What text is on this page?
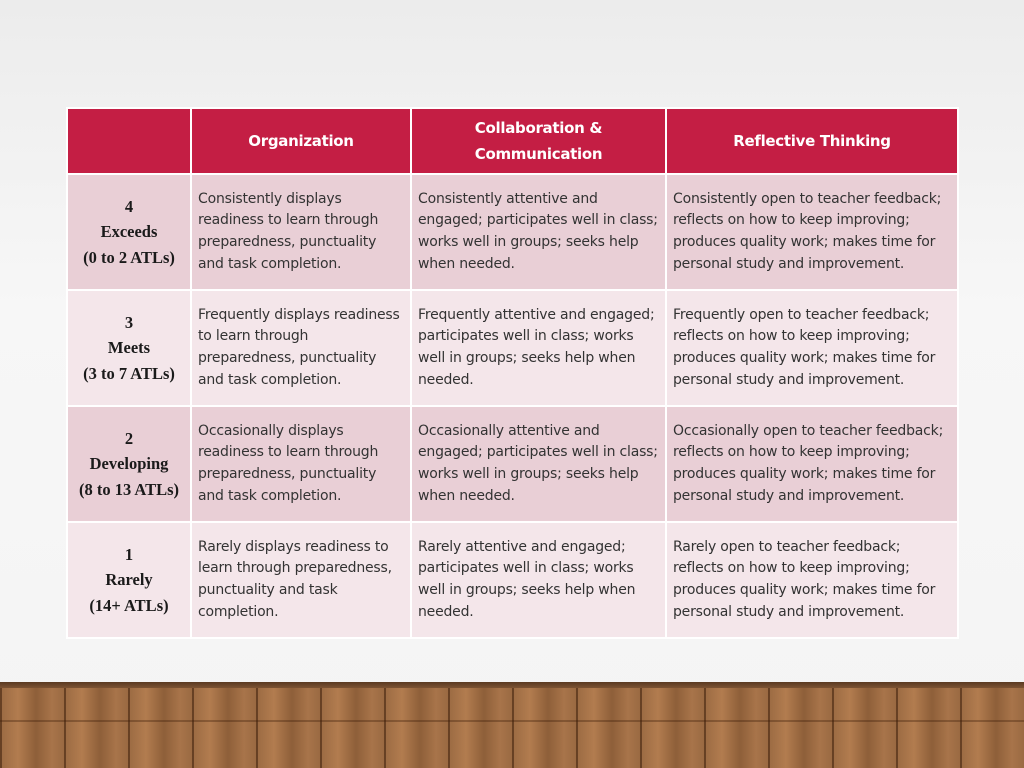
	Organization	Collaboration & Communication	Reflective Thinking

4
Exceeds
(0 to 2 ATLs)	Consistently displays readiness to learn through preparedness, punctuality and task completion.	Consistently attentive and engaged; participates well in class; works well in groups; seeks help when needed.	Consistently open to teacher feedback; reflects on how to keep improving; produces quality work; makes time for personal study and improvement.

3
Meets
(3 to 7 ATLs)	Frequently displays readiness to learn through preparedness, punctuality and task completion.	Frequently attentive and engaged; participates well in class; works well in groups; seeks help when needed.	Frequently open to teacher feedback; reflects on how to keep improving; produces quality work; makes time for personal study and improvement.

2
Developing
(8 to 13 ATLs)	Occasionally displays readiness to learn through preparedness, punctuality and task completion.	Occasionally attentive and engaged; participates well in class; works well in groups; seeks help when needed.	Occasionally open to teacher feedback; reflects on how to keep improving; produces quality work; makes time for personal study and improvement.

1
Rarely
(14+ ATLs)	Rarely displays readiness to learn through preparedness, punctuality and task completion.	Rarely attentive and engaged; participates well in class; works well in groups; seeks help when needed.	Rarely open to teacher feedback; reflects on how to keep improving; produces quality work; makes time for personal study and improvement.
